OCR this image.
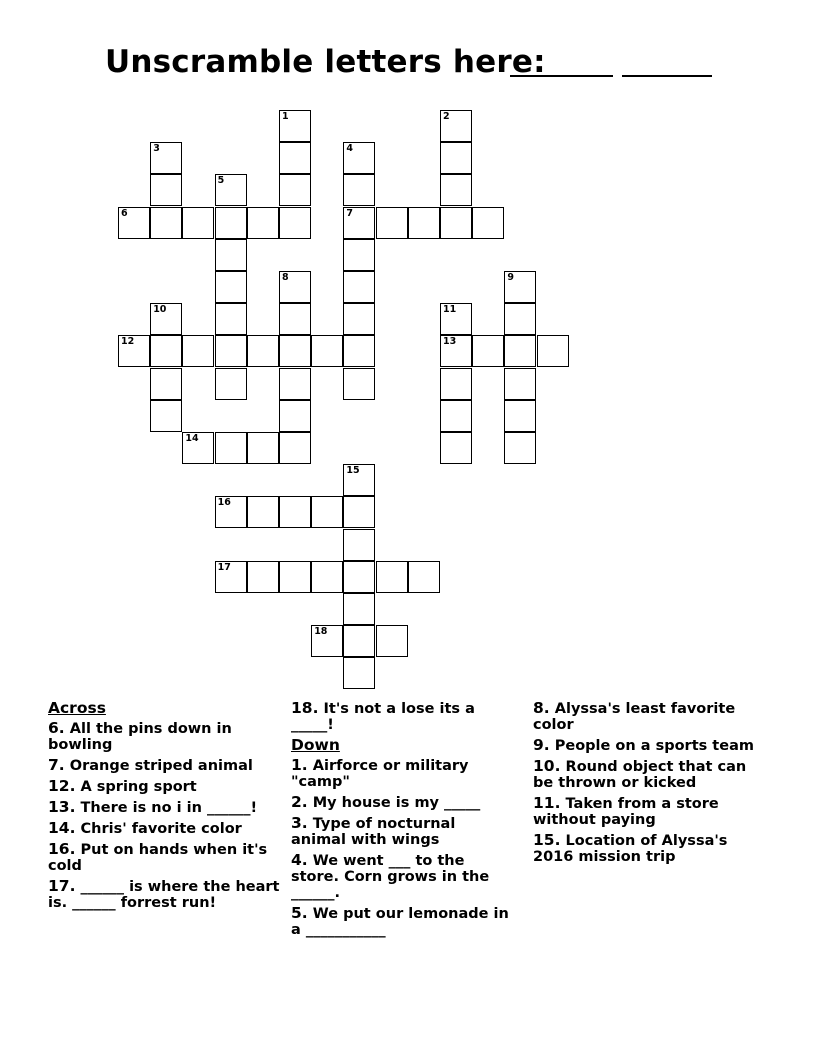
Unscramble letters here:
1	2
3	4
5
6	7
8	9
10	11
12	13
14
15
16
17
18
Across
6. All the pins down in bowling
7. Orange striped animal
12. A spring sport
13. There is no i in ______!
14. Chris' favorite color
16. Put on hands when it's cold
17. ______ is where the heart is. ______ forrest run!
18. It's not a lose its a _____!
Down
1. Airforce or military "camp"
2. My house is my _____
3. Type of nocturnal animal with wings
4. We went ___ to the store. Corn grows in the ______.
5. We put our lemonade in a ___________
8. Alyssa's least favorite color
9. People on a sports team
10. Round object that can be thrown or kicked
11. Taken from a store without paying
15. Location of Alyssa's 2016 mission trip
